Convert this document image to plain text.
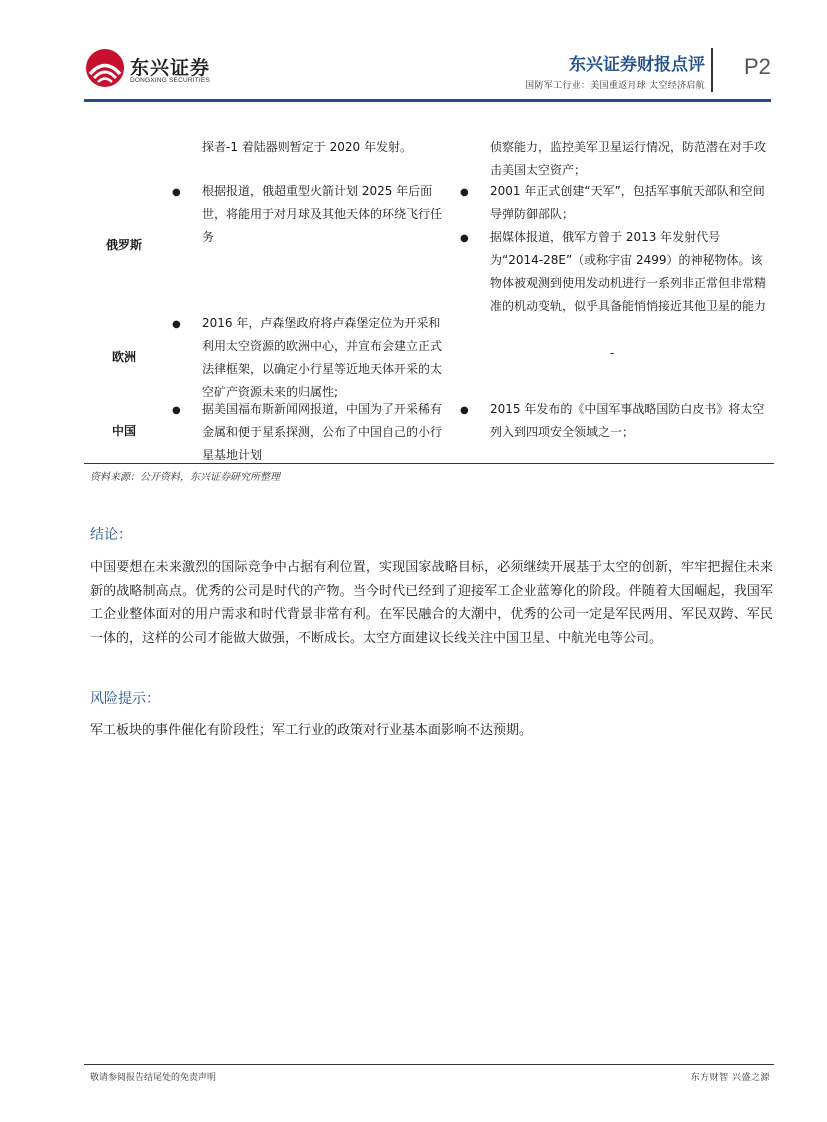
东兴证券
DONGXING SECURITIES
东兴证券财报点评
国防军工行业：美国重返月球 太空经济启航
P2
俄罗斯
探者-1 着陆器则暂定于 2020 年发射。
● 根据报道，俄超重型火箭计划 2025 年后面世，将能用于对月球及其他天体的环绕飞行任务
侦察能力，监控美军卫星运行情况，防范潜在对手攻击美国太空资产；
● 2001 年正式创建“天军”，包括军事航天部队和空间导弹防御部队；
● 据媒体报道，俄军方曾于 2013 年发射代号为“2014-28E”（或称宇宙 2499）的神秘物体。该物体被观测到使用发动机进行一系列非正常但非常精准的机动变轨，似乎具备能悄悄接近其他卫星的能力
欧洲
● 2016 年，卢森堡政府将卢森堡定位为开采和利用太空资源的欧洲中心，并宣布会建立正式法律框架，以确定小行星等近地天体开采的太空矿产资源未来的归属性;
-
中国
● 据美国福布斯新闻网报道，中国为了开采稀有金属和便于星系探测，公布了中国自己的小行星基地计划
● 2015 年发布的《中国军事战略国防白皮书》将太空列入到四项安全领域之一；
资料来源：公开资料，东兴证券研究所整理
结论：
中国要想在未来激烈的国际竞争中占据有利位置，实现国家战略目标，必须继续开展基于太空的创新，牢牢把握住未来新的战略制高点。优秀的公司是时代的产物。当今时代已经到了迎接军工企业蓝筹化的阶段。伴随着大国崛起，我国军工企业整体面对的用户需求和时代背景非常有利。在军民融合的大潮中，优秀的公司一定是军民两用、军民双跨、军民一体的，这样的公司才能做大做强，不断成长。太空方面建议长线关注中国卫星、中航光电等公司。
风险提示：
军工板块的事件催化有阶段性；军工行业的政策对行业基本面影响不达预期。
敬请参阅报告结尾处的免责声明	东方财智 兴盛之源
